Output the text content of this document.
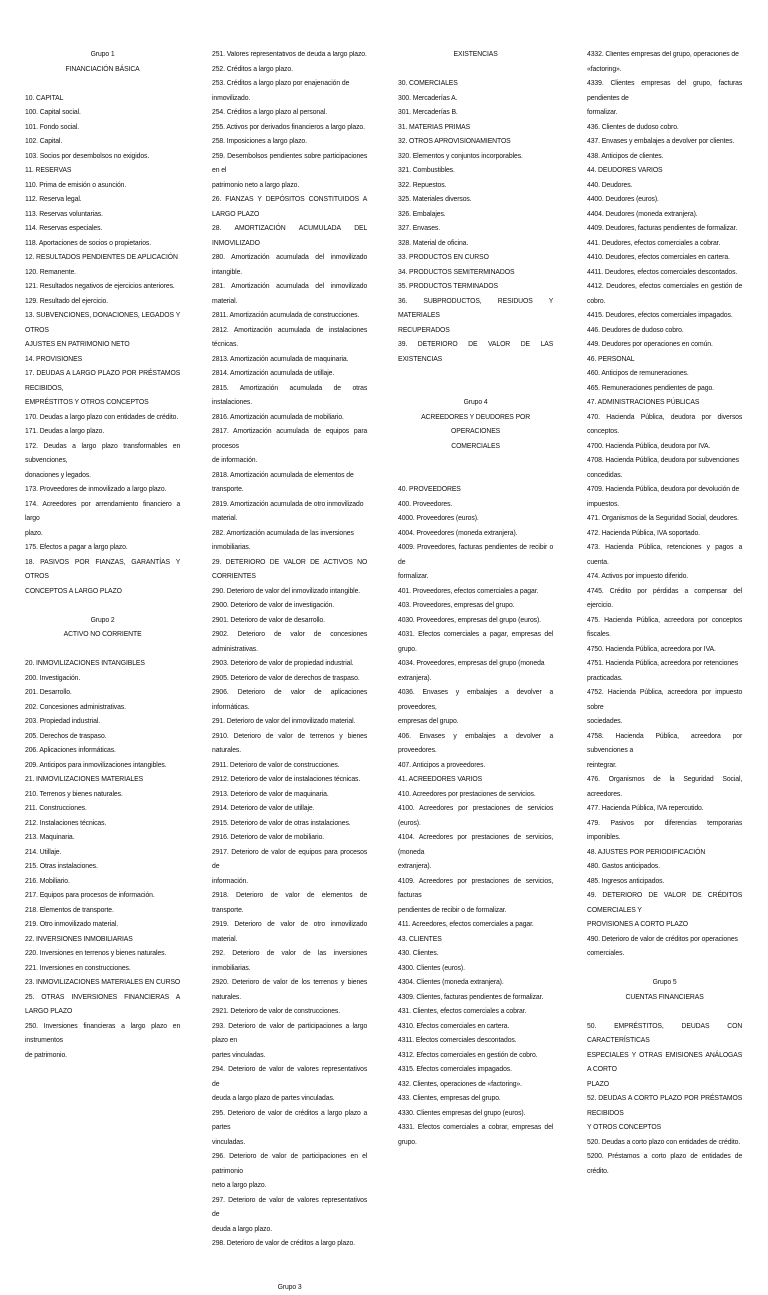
Grupo 1
FINANCIACIÓN BÁSICA
10. CAPITAL
100. Capital social.
101. Fondo social.
102. Capital.
103. Socios por desembolsos no exigidos.
11. RESERVAS
110. Prima de emisión o asunción.
112. Reserva legal.
113. Reservas voluntarias.
114. Reservas especiales.
118. Aportaciones de socios o propietarios.
12. RESULTADOS PENDIENTES DE APLICACIÓN
120. Remanente.
121. Resultados negativos de ejercicios anteriores.
129. Resultado del ejercicio.
13. SUBVENCIONES, DONACIONES, LEGADOS Y OTROS
AJUSTES EN PATRIMONIO NETO
14. PROVISIONES
17. DEUDAS A LARGO PLAZO POR PRÉSTAMOS RECIBIDOS,
EMPRÉSTITOS Y OTROS CONCEPTOS
170. Deudas a largo plazo con entidades de crédito.
171. Deudas a largo plazo.
172. Deudas a largo plazo transformables en subvenciones,
donaciones y legados.
173. Proveedores de inmovilizado a largo plazo.
174. Acreedores por arrendamiento financiero a largo
plazo.
175. Efectos a pagar a largo plazo.
18. PASIVOS POR FIANZAS, GARANTÍAS Y OTROS
CONCEPTOS A LARGO PLAZO
Grupo 2
ACTIVO NO CORRIENTE
20. INMOVILIZACIONES INTANGIBLES
200. Investigación.
201. Desarrollo.
202. Concesiones administrativas.
203. Propiedad industrial.
205. Derechos de traspaso.
206. Aplicaciones informáticas.
209. Anticipos para inmovilizaciones intangibles.
21. INMOVILIZACIONES MATERIALES
210. Terrenos y bienes naturales.
211. Construcciones.
212. Instalaciones técnicas.
213. Maquinaria.
214. Utillaje.
215. Otras instalaciones.
216. Mobiliario.
217. Equipos para procesos de información.
218. Elementos de transporte.
219. Otro inmovilizado material.
22. INVERSIONES INMOBILIARIAS
220. Inversiones en terrenos y bienes naturales.
221. Inversiones en construcciones.
23. INMOVILIZACIONES MATERIALES EN CURSO
25. OTRAS INVERSIONES FINANCIERAS A LARGO PLAZO
250. Inversiones financieras a largo plazo en instrumentos
de patrimonio.
251. Valores representativos de deuda a largo plazo.
252. Créditos a largo plazo.
253. Créditos a largo plazo por enajenación de
inmovilizado.
254. Créditos a largo plazo al personal.
255. Activos por derivados financieros a largo plazo.
258. Imposiciones a largo plazo.
259. Desembolsos pendientes sobre participaciones en el
patrimonio neto a largo plazo.
26. FIANZAS Y DEPÓSITOS CONSTITUIDOS A LARGO PLAZO
28. AMORTIZACIÓN ACUMULADA DEL INMOVILIZADO
280. Amortización acumulada del inmovilizado intangible.
281. Amortización acumulada del inmovilizado material.
2811. Amortización acumulada de construcciones.
2812. Amortización acumulada de instalaciones técnicas.
2813. Amortización acumulada de maquinaria.
2814. Amortización acumulada de utillaje.
2815. Amortización acumulada de otras instalaciones.
2816. Amortización acumulada de mobiliario.
2817. Amortización acumulada de equipos para procesos
de información.
2818. Amortización acumulada de elementos de
transporte.
2819. Amortización acumulada de otro inmovilizado
material.
282. Amortización acumulada de las inversiones
inmobiliarias.
29. DETERIORO DE VALOR DE ACTIVOS NO CORRIENTES
290. Deterioro de valor del inmovilizado intangible.
2900. Deterioro de valor de investigación.
2901. Deterioro de valor de desarrollo.
2902. Deterioro de valor de concesiones administrativas.
2903. Deterioro de valor de propiedad industrial.
2905. Deterioro de valor de derechos de traspaso.
2906. Deterioro de valor de aplicaciones informáticas.
291. Deterioro de valor del inmovilizado material.
2910. Deterioro de valor de terrenos y bienes naturales.
2911. Deterioro de valor de construcciones.
2912. Deterioro de valor de instalaciones técnicas.
2913. Deterioro de valor de maquinaria.
2914. Deterioro de valor de utillaje.
2915. Deterioro de valor de otras instalaciones.
2916. Deterioro de valor de mobiliario.
2917. Deterioro de valor de equipos para procesos de
información.
2918. Deterioro de valor de elementos de transporte.
2919. Deterioro de valor de otro inmovilizado material.
292. Deterioro de valor de las inversiones inmobiliarias.
2920. Deterioro de valor de los terrenos y bienes naturales.
2921. Deterioro de valor de construcciones.
293. Deterioro de valor de participaciones a largo plazo en
partes vinculadas.
294. Deterioro de valor de valores representativos de
deuda a largo plazo de partes vinculadas.
295. Deterioro de valor de créditos a largo plazo a partes
vinculadas.
296. Deterioro de valor de participaciones en el patrimonio
neto a largo plazo.
297. Deterioro de valor de valores representativos de
deuda a largo plazo.
298. Deterioro de valor de créditos a largo plazo.
Grupo 3
EXISTENCIAS
30. COMERCIALES
300. Mercaderías A.
301. Mercaderías B.
31. MATERIAS PRIMAS
32. OTROS APROVISIONAMIENTOS
320. Elementos y conjuntos incorporables.
321. Combustibles.
322. Repuestos.
325. Materiales diversos.
326. Embalajes.
327. Envases.
328. Material de oficina.
33. PRODUCTOS EN CURSO
34. PRODUCTOS SEMITERMINADOS
35. PRODUCTOS TERMINADOS
36. SUBPRODUCTOS, RESIDUOS Y MATERIALES
RECUPERADOS
39. DETERIORO DE VALOR DE LAS EXISTENCIAS
Grupo 4
ACREEDORES Y DEUDORES POR OPERACIONES
COMERCIALES
40. PROVEEDORES
400. Proveedores.
4000. Proveedores (euros).
4004. Proveedores (moneda extranjera).
4009. Proveedores, facturas pendientes de recibir o de
formalizar.
401. Proveedores, efectos comerciales a pagar.
403. Proveedores, empresas del grupo.
4030. Proveedores, empresas del grupo (euros).
4031. Efectos comerciales a pagar, empresas del grupo.
4034. Proveedores, empresas del grupo (moneda
extranjera).
4036. Envases y embalajes a devolver a proveedores,
empresas del grupo.
406. Envases y embalajes a devolver a proveedores.
407. Anticipos a proveedores.
41. ACREEDORES VARIOS
410. Acreedores por prestaciones de servicios.
4100. Acreedores por prestaciones de servicios (euros).
4104. Acreedores por prestaciones de servicios, (moneda
extranjera).
4109. Acreedores por prestaciones de servicios, facturas
pendientes de recibir o de formalizar.
411. Acreedores, efectos comerciales a pagar.
43. CLIENTES
430. Clientes.
4300. Clientes (euros).
4304. Clientes (moneda extranjera).
4309. Clientes, facturas pendientes de formalizar.
431. Clientes, efectos comerciales a cobrar.
4310. Efectos comerciales en cartera.
4311. Efectos comerciales descontados.
4312. Efectos comerciales en gestión de cobro.
4315. Efectos comerciales impagados.
432. Clientes, operaciones de «factoring».
433. Clientes, empresas del grupo.
4330. Clientes empresas del grupo (euros).
4331. Efectos comerciales a cobrar, empresas del grupo.
4332. Clientes empresas del grupo, operaciones de
«factoring».
4339. Clientes empresas del grupo, facturas pendientes de
formalizar.
436. Clientes de dudoso cobro.
437. Envases y embalajes a devolver por clientes.
438. Anticipos de clientes.
44. DEUDORES VARIOS
440. Deudores.
4400. Deudores (euros).
4404. Deudores (moneda extranjera).
4409. Deudores, facturas pendientes de formalizar.
441. Deudores, efectos comerciales a cobrar.
4410. Deudores, efectos comerciales en cartera.
4411. Deudores, efectos comerciales descontados.
4412. Deudores, efectos comerciales en gestión de cobro.
4415. Deudores, efectos comerciales impagados.
446. Deudores de dudoso cobro.
449. Deudores por operaciones en común.
46. PERSONAL
460. Anticipos de remuneraciones.
465. Remuneraciones pendientes de pago.
47. ADMINISTRACIONES PÚBLICAS
470. Hacienda Pública, deudora por diversos conceptos.
4700. Hacienda Pública, deudora por IVA.
4708. Hacienda Pública, deudora por subvenciones
concedidas.
4709. Hacienda Pública, deudora por devolución de
impuestos.
471. Organismos de la Seguridad Social, deudores.
472. Hacienda Pública, IVA soportado.
473. Hacienda Pública, retenciones y pagos a cuenta.
474. Activos por impuesto diferido.
4745. Crédito por pérdidas a compensar del ejercicio.
475. Hacienda Pública, acreedora por conceptos fiscales.
4750. Hacienda Pública, acreedora por IVA.
4751. Hacienda Pública, acreedora por retenciones
practicadas.
4752. Hacienda Pública, acreedora por impuesto sobre
sociedades.
4758. Hacienda Pública, acreedora por subvenciones a
reintegrar.
476. Organismos de la Seguridad Social, acreedores.
477. Hacienda Pública, IVA repercutido.
479. Pasivos por diferencias temporarias imponibles.
48. AJUSTES POR PERIODIFICACIÓN
480. Gastos anticipados.
485. Ingresos anticipados.
49. DETERIORO DE VALOR DE CRÉDITOS COMERCIALES Y
PROVISIONES A CORTO PLAZO
490. Deterioro de valor de créditos por operaciones
comerciales.
Grupo 5
CUENTAS FINANCIERAS
50. EMPRÉSTITOS, DEUDAS CON CARACTERÍSTICAS
ESPECIALES Y OTRAS EMISIONES ANÁLOGAS A CORTO
PLAZO
52. DEUDAS A CORTO PLAZO POR PRÉSTAMOS RECIBIDOS
Y OTROS CONCEPTOS
520. Deudas a corto plazo con entidades de crédito.
5200. Préstamos a corto plazo de entidades de crédito.
